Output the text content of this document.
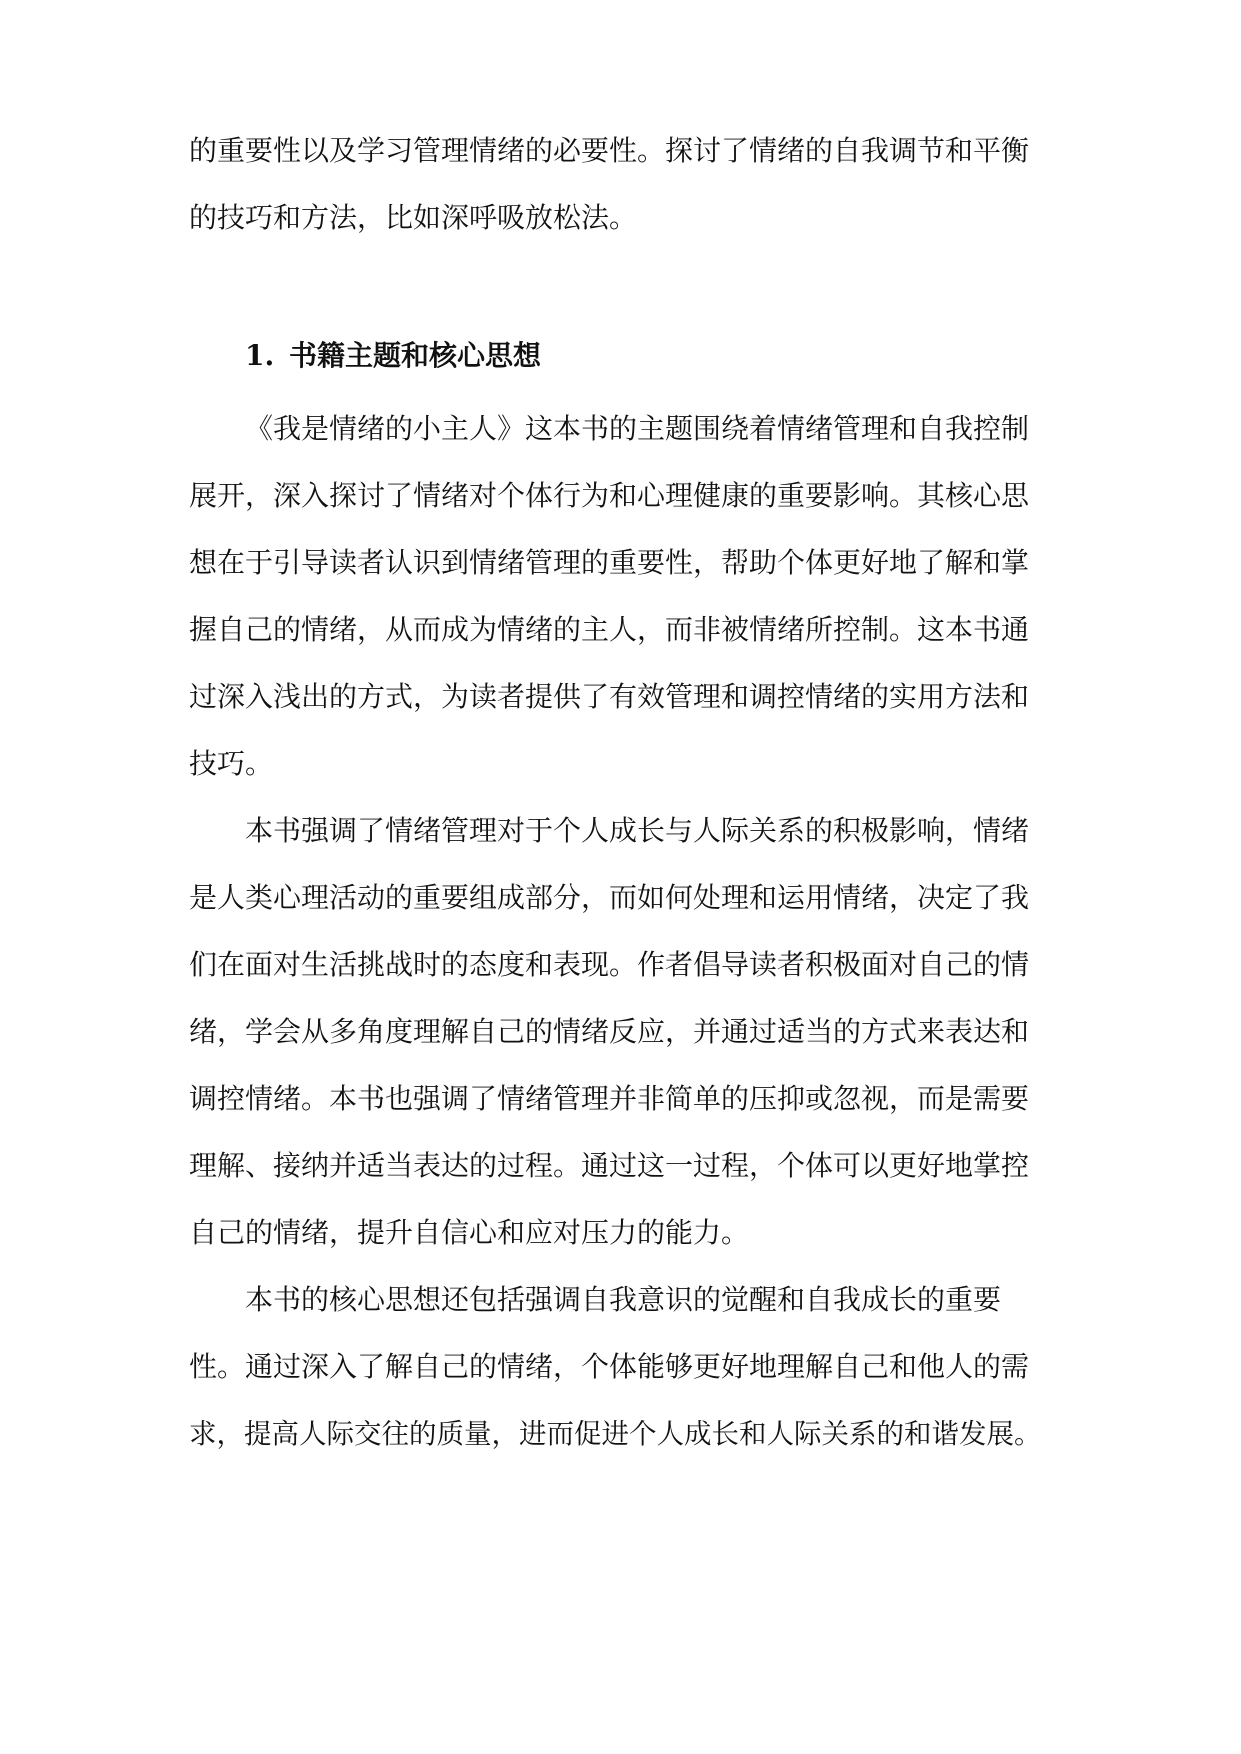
的重要性以及学习管理情绪的必要性。探讨了情绪的自我调节和平衡

的技巧和方法，比如深呼吸放松法。

1. 书籍主题和核心思想

《我是情绪的小主人》这本书的主题围绕着情绪管理和自我控制

展开，深入探讨了情绪对个体行为和心理健康的重要影响。其核心思

想在于引导读者认识到情绪管理的重要性，帮助个体更好地了解和掌

握自己的情绪，从而成为情绪的主人，而非被情绪所控制。这本书通

过深入浅出的方式，为读者提供了有效管理和调控情绪的实用方法和

技巧。

本书强调了情绪管理对于个人成长与人际关系的积极影响，情绪

是人类心理活动的重要组成部分，而如何处理和运用情绪，决定了我

们在面对生活挑战时的态度和表现。作者倡导读者积极面对自己的情

绪，学会从多角度理解自己的情绪反应，并通过适当的方式来表达和

调控情绪。本书也强调了情绪管理并非简单的压抑或忽视，而是需要

理解、接纳并适当表达的过程。通过这一过程，个体可以更好地掌控

自己的情绪，提升自信心和应对压力的能力。

本书的核心思想还包括强调自我意识的觉醒和自我成长的重要

性。通过深入了解自己的情绪，个体能够更好地理解自己和他人的需

求，提高人际交往的质量，进而促进个人成长和人际关系的和谐发展。
